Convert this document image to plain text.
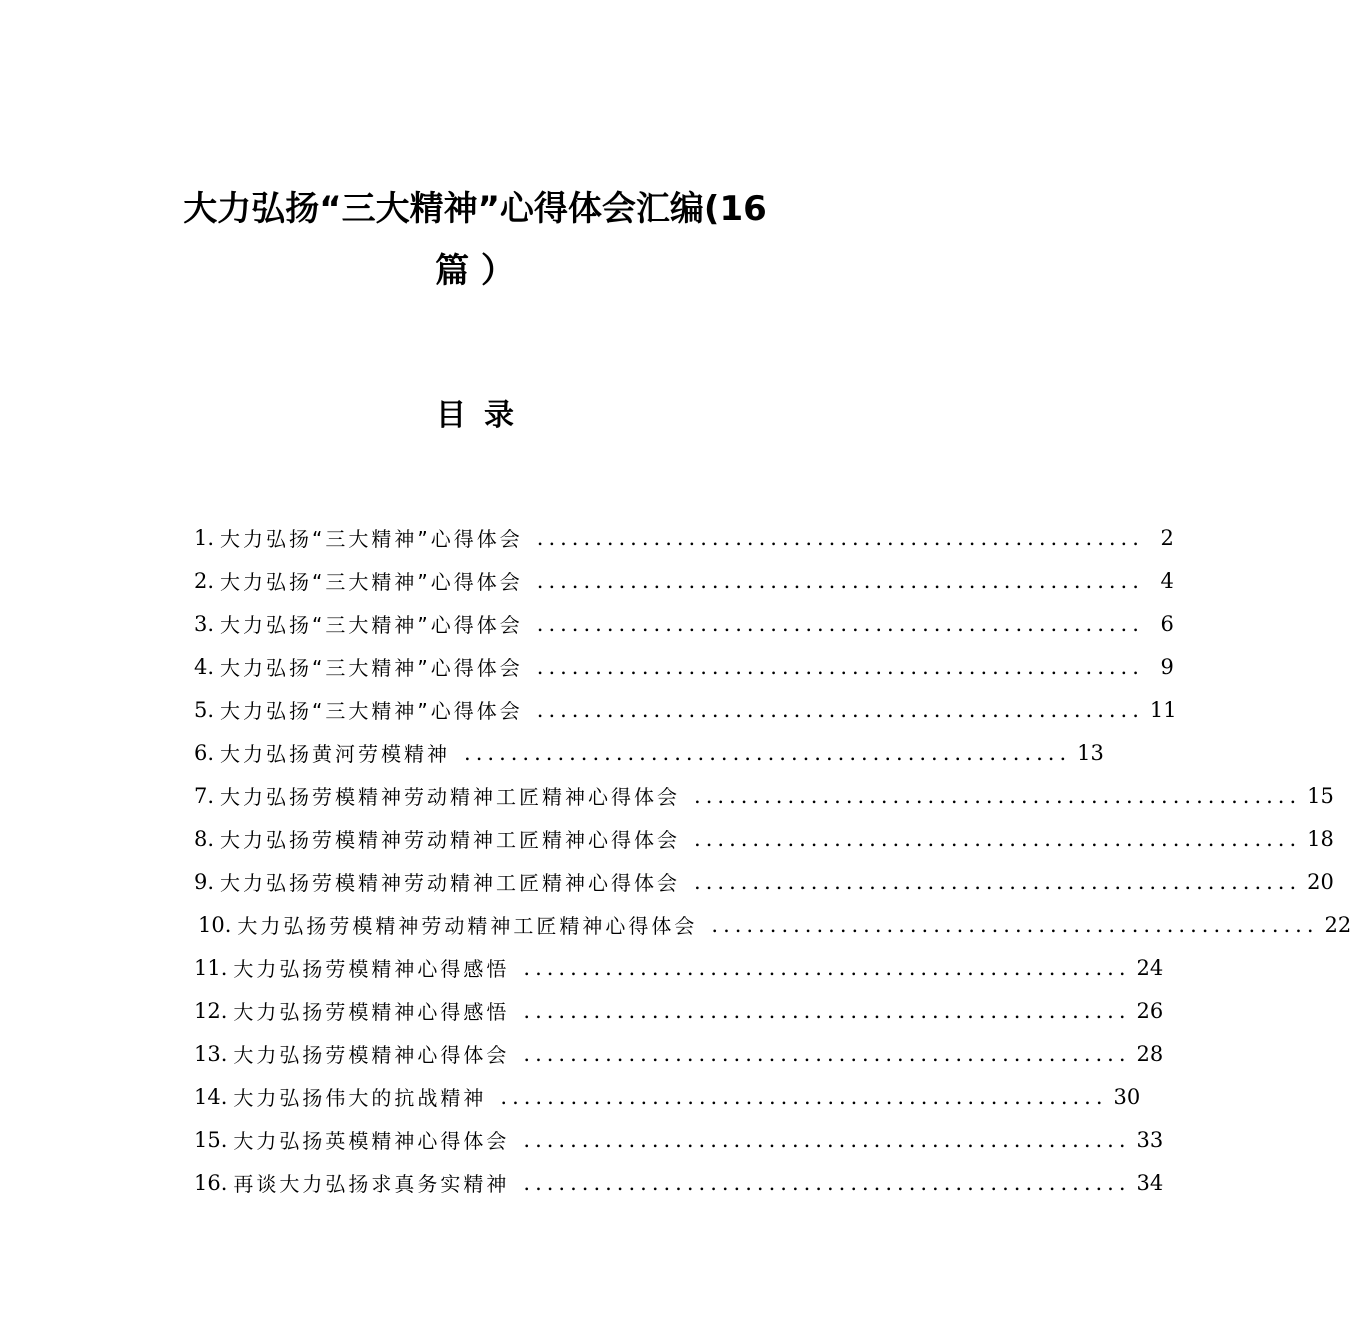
大力弘扬“三大精神”心得体会汇编(16
篇 ）
目录
1. 大力弘扬“三大精神”心得体会 .................................................... 2
2. 大力弘扬“三大精神”心得体会 .................................................... 4
3. 大力弘扬“三大精神”心得体会 .................................................... 6
4. 大力弘扬“三大精神”心得体会 .................................................... 9
5. 大力弘扬“三大精神”心得体会 .................................................... 11
6. 大力弘扬黄河劳模精神 .................................................... 13
7. 大力弘扬劳模精神劳动精神工匠精神心得体会 .................................................... 15
8. 大力弘扬劳模精神劳动精神工匠精神心得体会 .................................................... 18
9. 大力弘扬劳模精神劳动精神工匠精神心得体会 .................................................... 20
10. 大力弘扬劳模精神劳动精神工匠精神心得体会 .................................................... 22
11. 大力弘扬劳模精神心得感悟 .................................................... 24
12. 大力弘扬劳模精神心得感悟 .................................................... 26
13. 大力弘扬劳模精神心得体会 .................................................... 28
14. 大力弘扬伟大的抗战精神 .................................................... 30
15. 大力弘扬英模精神心得体会 .................................................... 33
16. 再谈大力弘扬求真务实精神 .................................................... 34
